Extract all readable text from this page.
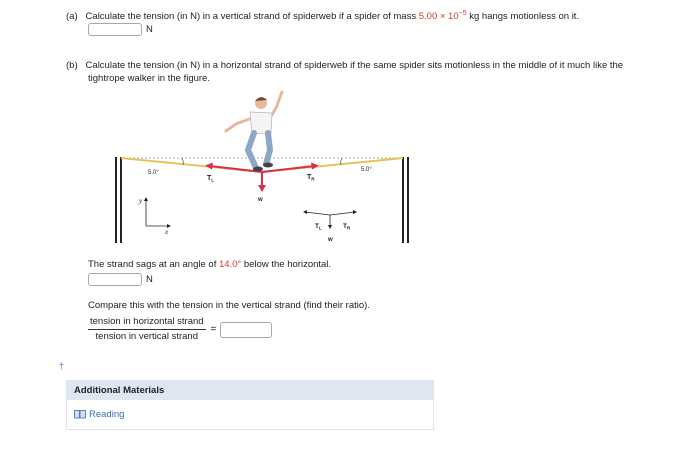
(a) Calculate the tension (in N) in a vertical strand of spiderweb if a spider of mass $5.00 \times 10^{-5}$ kg hangs motionless on it.
N
(b) Calculate the tension (in N) in a horizontal strand of spiderweb if the same spider sits motionless in the middle of it much like the
tightrope walker in the figure.
5.0°	5.0°
$T_L$	$T_R$
w
y
x
$T_L$	$T_R$
w
The strand sags at an angle of 14.0° below the horizontal.
N
Compare this with the tension in the vertical strand (find their ratio).
$\frac{\text{tension in horizontal strand}}{\text{tension in vertical strand}}$ =
†
Additional Materials
Reading
